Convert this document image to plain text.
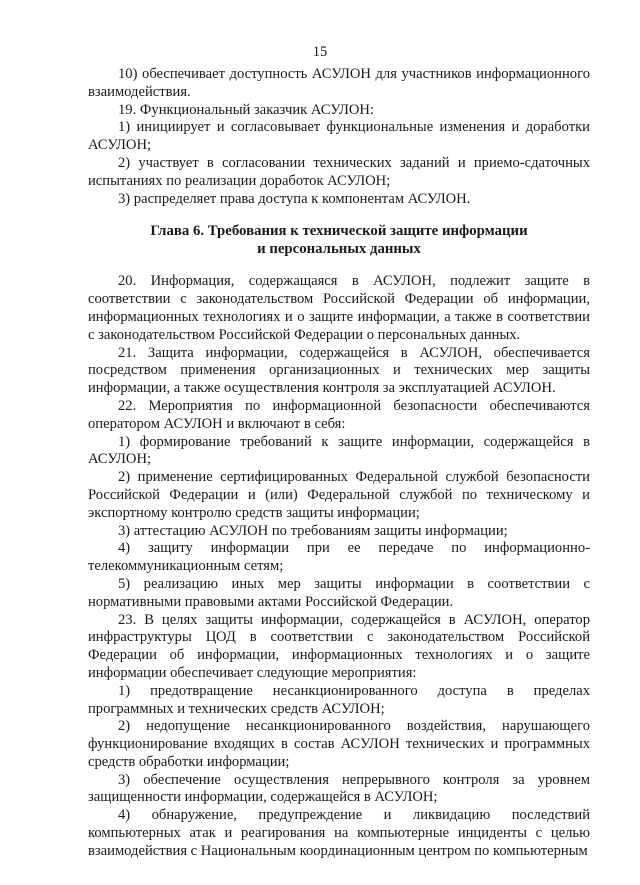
15

10) обеспечивает доступность АСУЛОН для участников информационного взаимодействия.

19. Функциональный заказчик АСУЛОН:

1) инициирует и согласовывает функциональные изменения и доработки АСУЛОН;

2) участвует в согласовании технических заданий и приемо-сдаточных испытаниях по реализации доработок АСУЛОН;

3) распределяет права доступа к компонентам АСУЛОН.

Глава 6. Требования к технической защите информации
и персональных данных

20. Информация, содержащаяся в АСУЛОН, подлежит защите в соответствии с законодательством Российской Федерации об информации, информационных технологиях и о защите информации, а также в соответствии с законодательством Российской Федерации о персональных данных.

21. Защита информации, содержащейся в АСУЛОН, обеспечивается посредством применения организационных и технических мер защиты информации, а также осуществления контроля за эксплуатацией АСУЛОН.

22. Мероприятия по информационной безопасности обеспечиваются оператором АСУЛОН и включают в себя:

1) формирование требований к защите информации, содержащейся в АСУЛОН;

2) применение сертифицированных Федеральной службой безопасности Российской Федерации и (или) Федеральной службой по техническому и экспортному контролю средств защиты информации;

3) аттестацию АСУЛОН по требованиям защиты информации;

4) защиту информации при ее передаче по информационно-телекоммуникационным сетям;

5) реализацию иных мер защиты информации в соответствии с нормативными правовыми актами Российской Федерации.

23. В целях защиты информации, содержащейся в АСУЛОН, оператор инфраструктуры ЦОД в соответствии с законодательством Российской Федерации об информации, информационных технологиях и о защите информации обеспечивает следующие мероприятия:

1) предотвращение несанкционированного доступа в пределах программных и технических средств АСУЛОН;

2) недопущение несанкционированного воздействия, нарушающего функционирование входящих в состав АСУЛОН технических и программных средств обработки информации;

3) обеспечение осуществления непрерывного контроля за уровнем защищенности информации, содержащейся в АСУЛОН;

4) обнаружение, предупреждение и ликвидацию последствий компьютерных атак и реагирования на компьютерные инциденты с целью взаимодействия с Национальным координационным центром по компьютерным
